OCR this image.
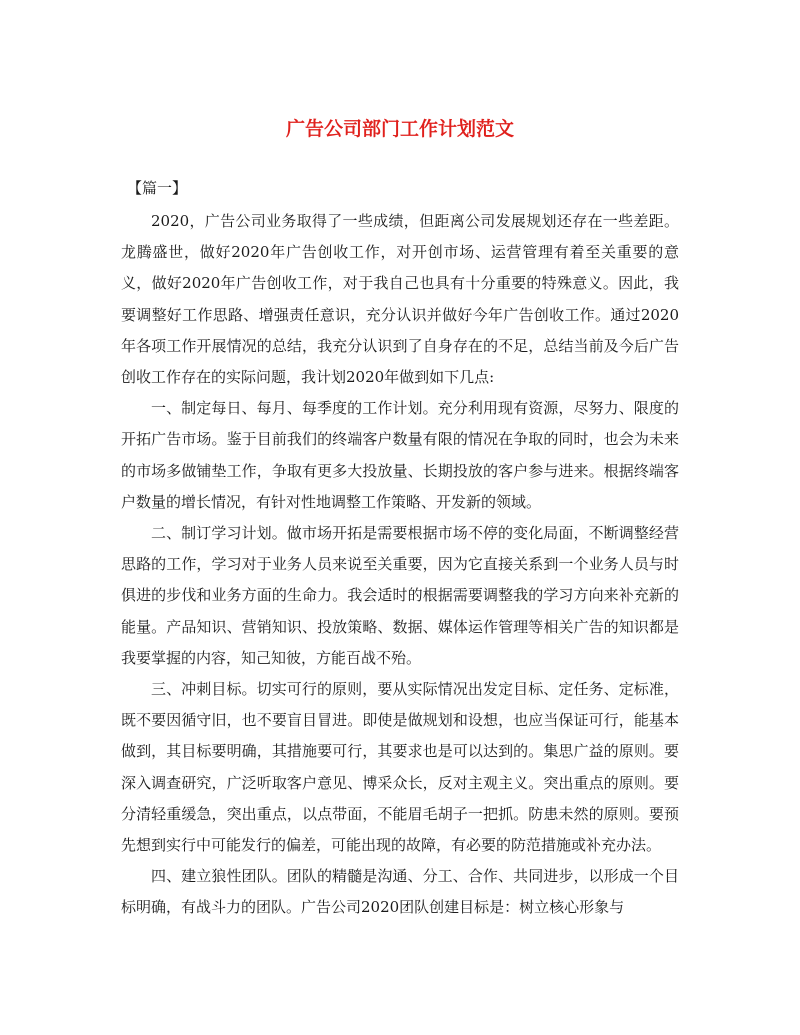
广告公司部门工作计划范文
【篇一】

2020，广告公司业务取得了一些成绩，但距离公司发展规划还存在一些差距。龙腾盛世，做好2020年广告创收工作，对开创市场、运营管理有着至关重要的意义，做好2020年广告创收工作，对于我自己也具有十分重要的特殊意义。因此，我要调整好工作思路、增强责任意识，充分认识并做好今年广告创收工作。通过2020年各项工作开展情况的总结，我充分认识到了自身存在的不足，总结当前及今后广告创收工作存在的实际问题，我计划2020年做到如下几点:

一、制定每日、每月、每季度的工作计划。充分利用现有资源，尽努力、限度的开拓广告市场。鉴于目前我们的终端客户数量有限的情况在争取的同时，也会为未来的市场多做铺垫工作，争取有更多大投放量、长期投放的客户参与进来。根据终端客户数量的增长情况，有针对性地调整工作策略、开发新的领域。

二、制订学习计划。做市场开拓是需要根据市场不停的变化局面，不断调整经营思路的工作，学习对于业务人员来说至关重要，因为它直接关系到一个业务人员与时俱进的步伐和业务方面的生命力。我会适时的根据需要调整我的学习方向来补充新的能量。产品知识、营销知识、投放策略、数据、媒体运作管理等相关广告的知识都是我要掌握的内容，知己知彼，方能百战不殆。

三、冲刺目标。切实可行的原则，要从实际情况出发定目标、定任务、定标准，既不要因循守旧，也不要盲目冒进。即使是做规划和设想，也应当保证可行，能基本做到，其目标要明确，其措施要可行，其要求也是可以达到的。集思广益的原则。要深入调查研究，广泛听取客户意见、博采众长，反对主观主义。突出重点的原则。要分清轻重缓急，突出重点，以点带面，不能眉毛胡子一把抓。防患未然的原则。要预先想到实行中可能发行的偏差，可能出现的故障，有必要的防范措施或补充办法。

四、建立狼性团队。团队的精髓是沟通、分工、合作、共同进步，以形成一个目标明确，有战斗力的团队。广告公司2020团队创建目标是：树立核心形象与
